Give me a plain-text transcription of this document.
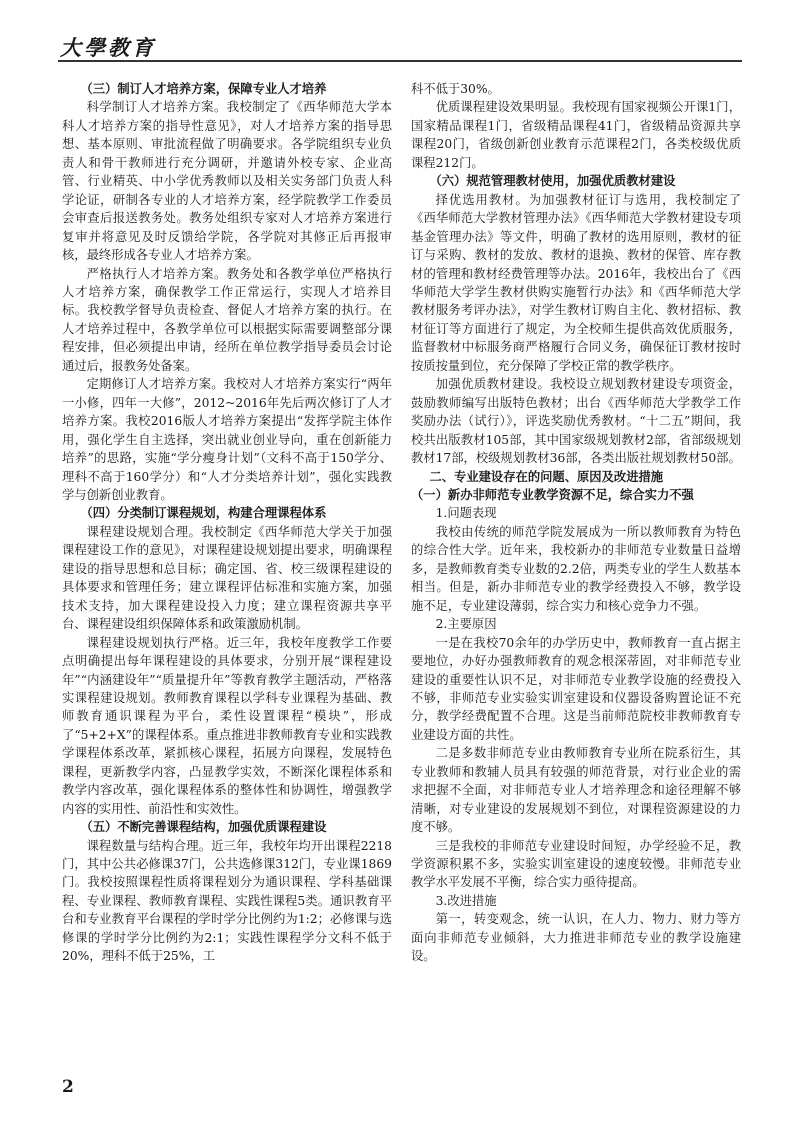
大學教育

（三）制订人才培养方案，保障专业人才培养

科学制订人才培养方案。我校制定了《西华师范大学本科人才培养方案的指导性意见》，对人才培养方案的指导思想、基本原则、审批流程做了明确要求。各学院组织专业负责人和骨干教师进行充分调研，并邀请外校专家、企业高管、行业精英、中小学优秀教师以及相关实务部门负责人科学论证，研制各专业的人才培养方案，经学院教学工作委员会审查后报送教务处。教务处组织专家对人才培养方案进行复审并将意见及时反馈给学院，各学院对其修正后再报审核，最终形成各专业人才培养方案。

严格执行人才培养方案。教务处和各教学单位严格执行人才培养方案，确保教学工作正常运行，实现人才培养目标。我校教学督导负责检查、督促人才培养方案的执行。在人才培养过程中，各教学单位可以根据实际需要调整部分课程安排，但必须提出申请，经所在单位教学指导委员会讨论通过后，报教务处备案。

定期修订人才培养方案。我校对人才培养方案实行“两年一小修，四年一大修”，2012~2016年先后两次修订了人才培养方案。我校2016版人才培养方案提出“发挥学院主体作用，强化学生自主选择，突出就业创业导向，重在创新能力培养”的思路，实施“学分瘦身计划”（文科不高于150学分、理科不高于160学分）和“人才分类培养计划”，强化实践教学与创新创业教育。

（四）分类制订课程规划，构建合理课程体系

课程建设规划合理。我校制定《西华师范大学关于加强课程建设工作的意见》，对课程建设规划提出要求，明确课程建设的指导思想和总目标；确定国、省、校三级课程建设的具体要求和管理任务；建立课程评估标准和实施方案，加强技术支持，加大课程建设投入力度；建立课程资源共享平台、课程建设组织保障体系和政策激励机制。

课程建设规划执行严格。近三年，我校年度教学工作要点明确提出每年课程建设的具体要求，分别开展“课程建设年”“内涵建设年”“质量提升年”等教育教学主题活动，严格落实课程建设规划。教师教育课程以学科专业课程为基础、教师教育通识课程为平台，柔性设置课程“模块”，形成了“5+2+X”的课程体系。重点推进非教师教育专业和实践教学课程体系改革，紧抓核心课程，拓展方向课程，发展特色课程，更新教学内容，凸显教学实效，不断深化课程体系和教学内容改革，强化课程体系的整体性和协调性，增强教学内容的实用性、前沿性和实效性。

（五）不断完善课程结构，加强优质课程建设

课程数量与结构合理。近三年，我校年均开出课程2218门，其中公共必修课37门，公共选修课312门，专业课1869门。我校按照课程性质将课程划分为通识课程、学科基础课程、专业课程、教师教育课程、实践性课程5类。通识教育平台和专业教育平台课程的学时学分比例约为1:2；必修课与选修课的学时学分比例约为2:1；实践性课程学分文科不低于20%，理科不低于25%，工

科不低于30%。

优质课程建设效果明显。我校现有国家视频公开课1门，国家精品课程1门，省级精品课程41门，省级精品资源共享课程20门，省级创新创业教育示范课程2门，各类校级优质课程212门。

（六）规范管理教材使用，加强优质教材建设

择优选用教材。为加强教材征订与选用，我校制定了《西华师范大学教材管理办法》《西华师范大学教材建设专项基金管理办法》等文件，明确了教材的选用原则，教材的征订与采购、教材的发放、教材的退换、教材的保管、库存教材的管理和教材经费管理等办法。2016年，我校出台了《西华师范大学学生教材供购实施暂行办法》和《西华师范大学教材服务考评办法》，对学生教材订购自主化、教材招标、教材征订等方面进行了规定，为全校师生提供高效优质服务，监督教材中标服务商严格履行合同义务，确保征订教材按时按质按量到位，充分保障了学校正常的教学秩序。

加强优质教材建设。我校设立规划教材建设专项资金，鼓励教师编写出版特色教材；出台《西华师范大学教学工作奖励办法（试行）》，评选奖励优秀教材。“十二五”期间，我校共出版教材105部，其中国家级规划教材2部，省部级规划教材17部，校级规划教材36部，各类出版社规划教材50部。

二、专业建设存在的问题、原因及改进措施

（一）新办非师范专业教学资源不足，综合实力不强

1.问题表现

我校由传统的师范学院发展成为一所以教师教育为特色的综合性大学。近年来，我校新办的非师范专业数量日益增多，是教师教育类专业数的2.2倍，两类专业的学生人数基本相当。但是，新办非师范专业的教学经费投入不够，教学设施不足，专业建设薄弱，综合实力和核心竞争力不强。

2.主要原因

一是在我校70余年的办学历史中，教师教育一直占据主要地位，办好办强教师教育的观念根深蒂固，对非师范专业建设的重要性认识不足，对非师范专业教学设施的经费投入不够，非师范专业实验实训室建设和仪器设备购置论证不充分，教学经费配置不合理。这是当前师范院校非教师教育专业建设方面的共性。

二是多数非师范专业由教师教育专业所在院系衍生，其专业教师和教辅人员具有较强的师范背景，对行业企业的需求把握不全面，对非师范专业人才培养理念和途径理解不够清晰，对专业建设的发展规划不到位，对课程资源建设的力度不够。

三是我校的非师范专业建设时间短，办学经验不足，教学资源积累不多，实验实训室建设的速度较慢。非师范专业教学水平发展不平衡，综合实力亟待提高。

3.改进措施

第一，转变观念，统一认识，在人力、物力、财力等方面向非师范专业倾斜，大力推进非师范专业的教学设施建设。

2
